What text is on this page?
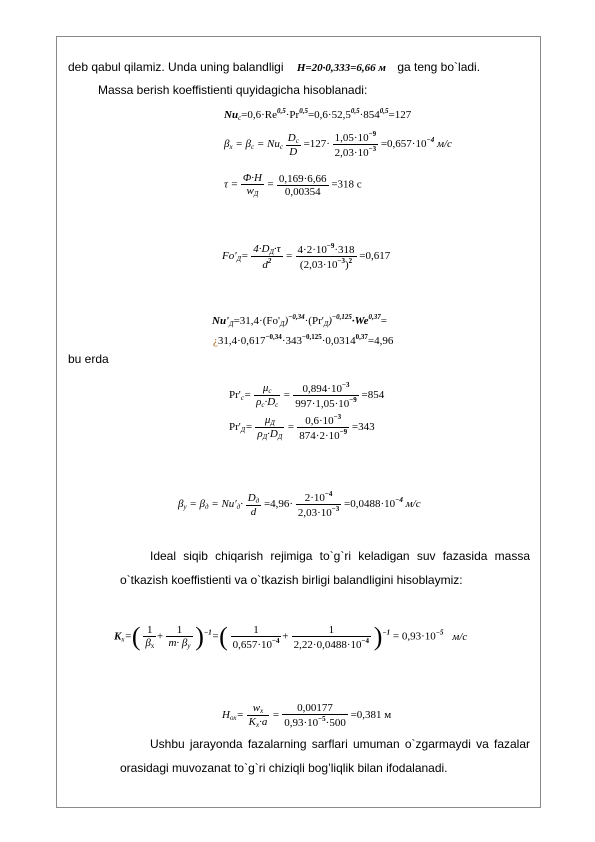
deb qabul qilamiz. Unda uning balandligi H=20·0,333=6,66 м ga teng bo`ladi.
Massa berish koeffistienti quyidagicha hisoblanadi:
$Nu_c=0,6\cdot Re^{0,5}\cdot Pr^{0,5}=0,6\cdot 52,5^{0,5}\cdot 854^{0,5}=127$
$\beta_x = \beta_c = Nu_c \frac{D_c}{D} =127\cdot \frac{1,05\cdot 10^{-9}}{2,03\cdot 10^{-3}} =0,657\cdot 10^{-4}$ м/с
$\tau = \frac{\Phi\cdot H}{w_Д} = \frac{0,169\cdot 6,66}{0,00354} =318$ с
$Fo'_Д= \frac{4\cdot D_Д\cdot\tau}{d^2} = \frac{4\cdot 2\cdot 10^{-9}\cdot 318}{(2,03\cdot 10^{-3})^2} =0,617$
$Nu'_Д=31,4\cdot(Fo'_Д)^{-0,34}\cdot(Pr'_Д)^{-0,125}\cdot We^{0,37}=$
¿$31,4\cdot 0,617^{-0,34}\cdot 343^{-0,125}\cdot 0,0314^{0,37}=4,96$
bu erda
$Pr'_c= \frac{\mu_c}{\rho_c\cdot D_c} = \frac{0,894\cdot 10^{-3}}{997\cdot 1,05\cdot 10^{-9}} =854$
$Pr'_Д= \frac{\mu_Д}{\rho_Д\cdot D_Д} = \frac{0,6\cdot 10^{-3}}{874\cdot 2\cdot 10^{-9}} =343$
$\beta_y = \beta_д = Nu'_д\cdot \frac{D_д}{d} =4,96\cdot \frac{2\cdot 10^{-4}}{2,03\cdot 10^{-3}} =0,0488\cdot 10^{-4}$ м/с

Ideal siqib chiqarish rejimiga to`g`ri keladigan suv fazasida massa o`tkazish koeffistienti va o`tkazish birligi balandligini hisoblaymiz:

$K_x=( \frac{1}{\beta_x} + \frac{1}{m\cdot \beta_y} )^{-1}=( \frac{1}{0,657\cdot 10^{-4}} + \frac{1}{2,22\cdot 0,0488\cdot 10^{-4}} )^{-1} = 0,93\cdot 10^{-5}$ м/с
$H_{ох}= \frac{w_x}{K_x\cdot a} = \frac{0,00177}{0,93\cdot 10^{-5}\cdot 500} =0,381$ м

Ushbu jarayonda fazalarning sarflari umuman o`zgarmaydi va fazalar orasidagi muvozanat to`g`ri chiziqli bog’liqlik bilan ifodalanadi.
